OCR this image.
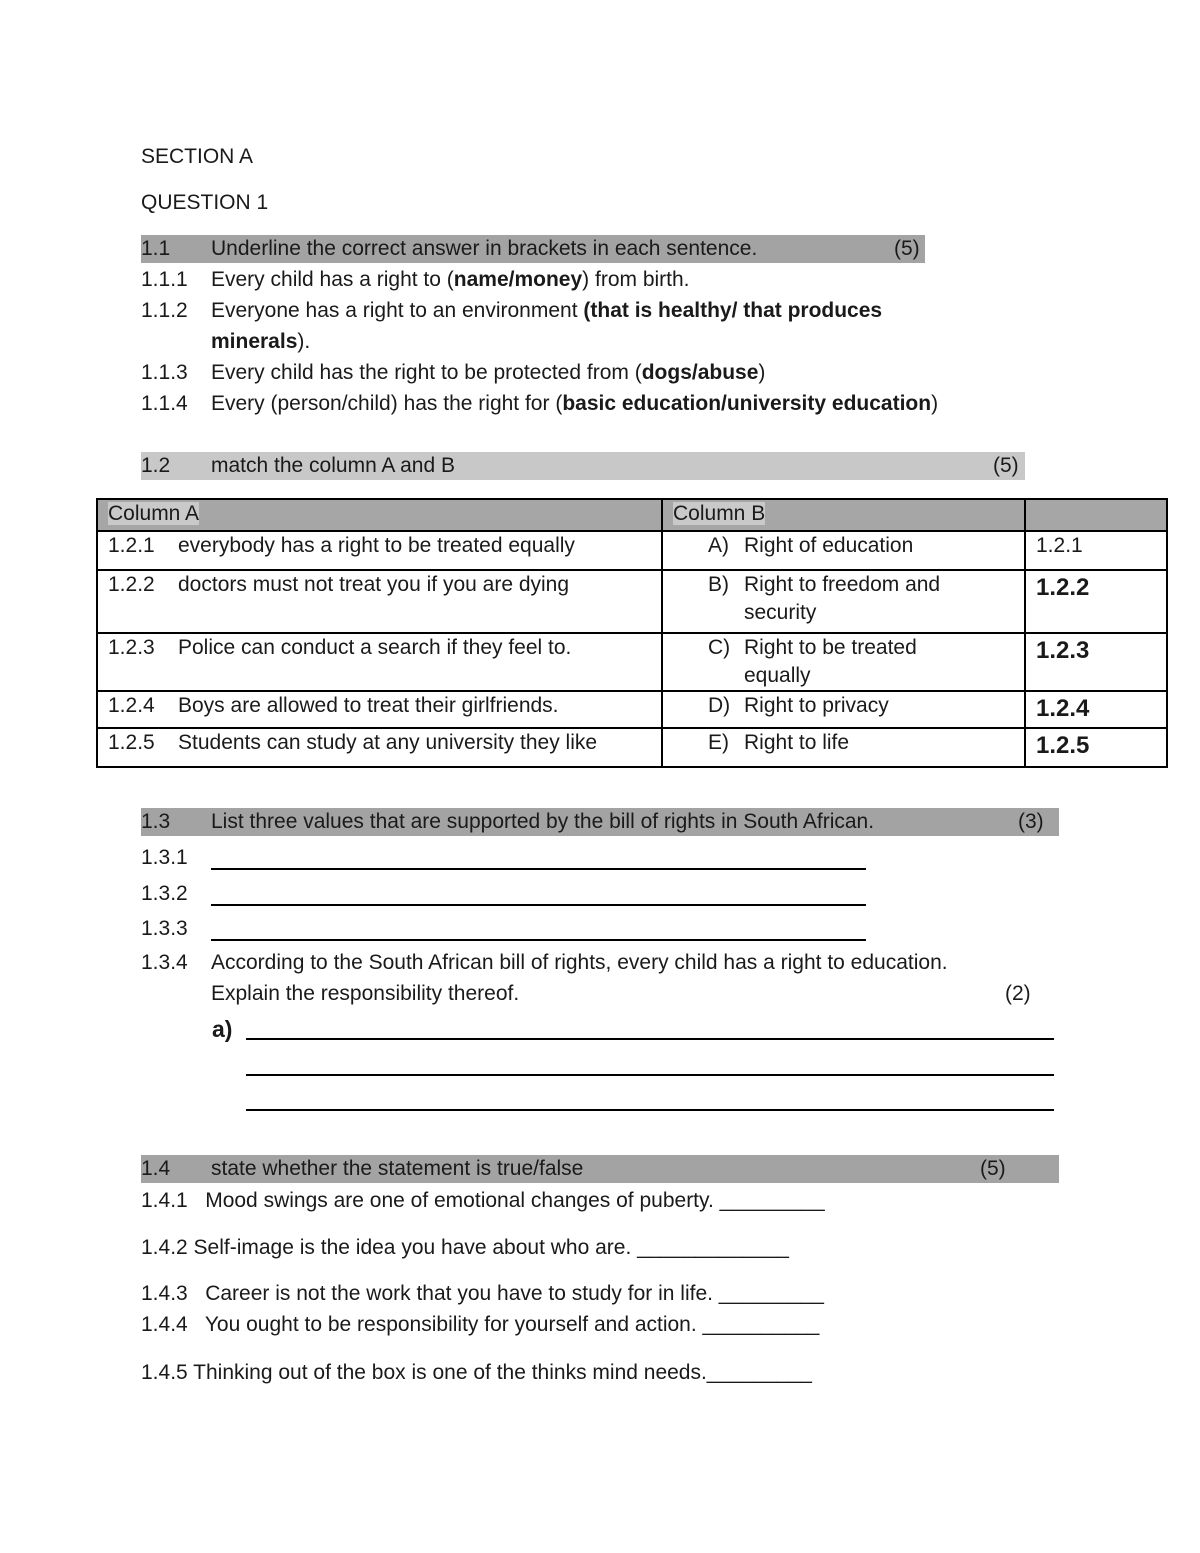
SECTION A
QUESTION 1
1.1 Underline the correct answer in brackets in each sentence.	(5)
1.1.1 Every child has a right to (name/money) from birth.
1.1.2 Everyone has a right to an environment (that is healthy/ that produces
minerals).
1.1.3 Every child has the right to be protected from (dogs/abuse)
1.1.4 Every (person/child) has the right for (basic education/university education)
1.2 match the column A and B	(5)
Column A	Column B	
1.2.1 everybody has a right to be treated equally	A) Right of education	1.2.1
1.2.2 doctors must not treat you if you are dying	B) Right to freedom and security	1.2.2
1.2.3 Police can conduct a search if they feel to.	C) Right to be treated equally	1.2.3
1.2.4 Boys are allowed to treat their girlfriends.	D) Right to privacy	1.2.4
1.2.5 Students can study at any university they like	E) Right to life	1.2.5
1.3 List three values that are supported by the bill of rights in South African.	(3)
1.3.1
1.3.2
1.3.3
1.3.4 According to the South African bill of rights, every child has a right to education.
Explain the responsibility thereof.	(2)
a)
1.4 state whether the statement is true/false	(5)
1.4.1   Mood swings are one of emotional changes of puberty. _________
1.4.2 Self-image is the idea you have about who are. _____________
1.4.3   Career is not the work that you have to study for in life. _________
1.4.4   You ought to be responsibility for yourself and action. __________
1.4.5 Thinking out of the box is one of the thinks mind needs._________
